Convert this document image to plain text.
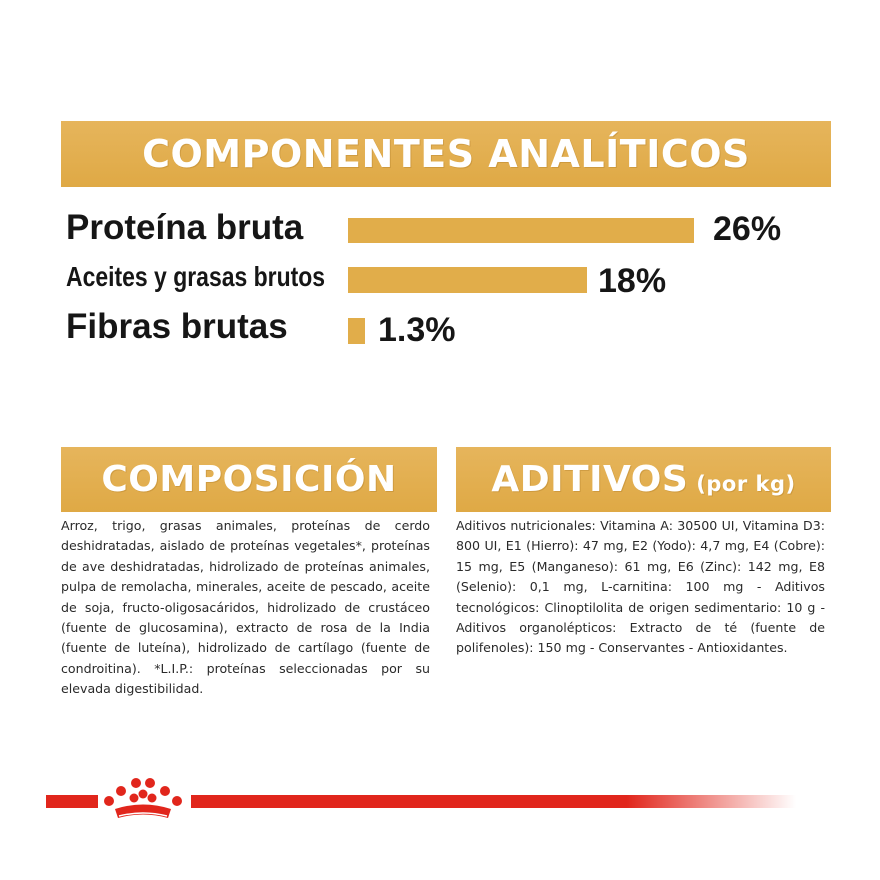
COMPONENTES ANALÍTICOS
Proteína bruta	26%
Aceites y grasas brutos	18%
Fibras brutas	1.3%
COMPOSICIÓN

Arroz, trigo, grasas animales, proteínas de cerdo deshidratadas, aislado de proteínas vegetales*, proteínas de ave deshidratadas, hidrolizado de proteínas animales, pulpa de remolacha, minerales, aceite de pescado, aceite de soja, fructo-oligosacáridos, hidrolizado de crustáceo (fuente de glucosamina), extracto de rosa de la India (fuente de luteína), hidrolizado de cartílago (fuente de condroitina). *L.I.P.: proteínas seleccionadas por su elevada digestibilidad.

ADITIVOS (por kg)

Aditivos nutricionales: Vitamina A: 30500 UI, Vitamina D3: 800 UI, E1 (Hierro): 47 mg, E2 (Yodo): 4,7 mg, E4 (Cobre): 15 mg, E5 (Manganeso): 61 mg, E6 (Zinc): 142 mg, E8 (Selenio): 0,1 mg, L-carnitina: 100 mg - Aditivos tecnológicos: Clinoptilolita de origen sedimentario: 10 g - Aditivos organolépticos: Extracto de té (fuente de polifenoles): 150 mg - Conservantes - Antioxidantes.
